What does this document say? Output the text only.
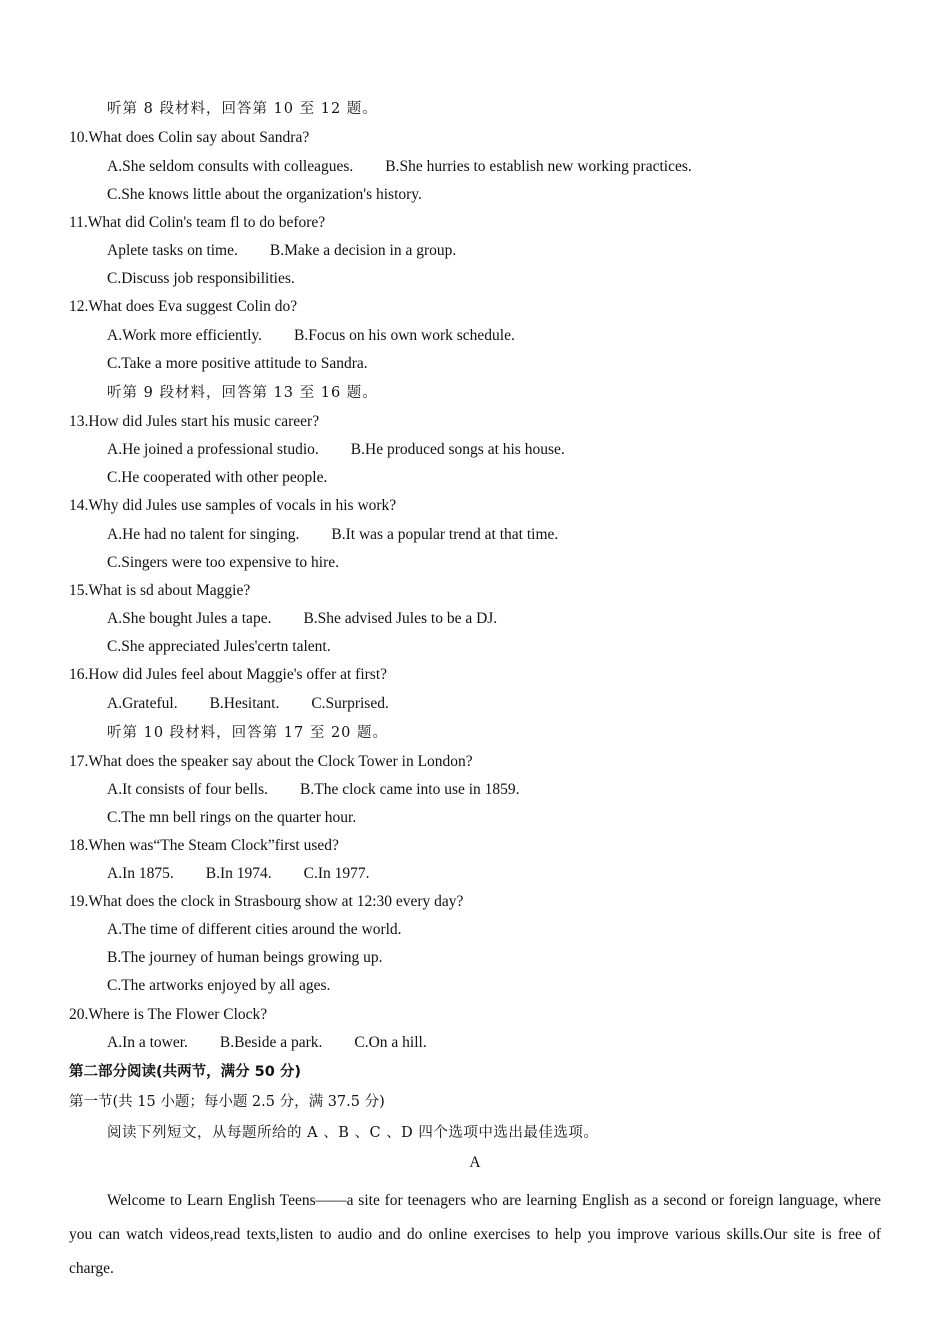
听第 8 段材料，回答第 10 至 12 题。
10.What does Colin say about Sandra?
A.She seldom consults with colleagues. B.She hurries to establish new working practices.
C.She knows little about the organization's history.
11.What did Colin's team fl to do before?
Aplete tasks on time. B.Make a decision in a group.
C.Discuss job responsibilities.
12.What does Eva suggest Colin do?
A.Work more efficiently. B.Focus on his own work schedule.
C.Take a more positive attitude to Sandra.
听第 9 段材料，回答第 13 至 16 题。
13.How did Jules start his music career?
A.He joined a professional studio. B.He produced songs at his house.
C.He cooperated with other people.
14.Why did Jules use samples of vocals in his work?
A.He had no talent for singing. B.It was a popular trend at that time.
C.Singers were too expensive to hire.
15.What is sd about Maggie?
A.She bought Jules a tape. B.She advised Jules to be a DJ.
C.She appreciated Jules'certn talent.
16.How did Jules feel about Maggie's offer at first?
A.Grateful. B.Hesitant. C.Surprised.
听第 10 段材料，回答第 17 至 20 题。
17.What does the speaker say about the Clock Tower in London?
A.It consists of four bells. B.The clock came into use in 1859.
C.The mn bell rings on the quarter hour.
18.When was“The Steam Clock”first used?
A.In 1875. B.In 1974. C.In 1977.
19.What does the clock in Strasbourg show at 12:30 every day?
A.The time of different cities around the world.
B.The journey of human beings growing up.
C.The artworks enjoyed by all ages.
20.Where is The Flower Clock?
A.In a tower. B.Beside a park. C.On a hill.
第二部分阅读(共两节，满分 50 分)
第一节(共 15 小题；每小题 2.5 分，满 37.5 分)
阅读下列短文，从每题所给的 A 、B 、C 、D 四个选项中选出最佳选项。
A
Welcome to Learn English Teens——a site for teenagers who are learning English as a second or foreign language, where you can watch videos,read texts,listen to audio and do online exercises to help you improve various skills.Our site is free of charge.
